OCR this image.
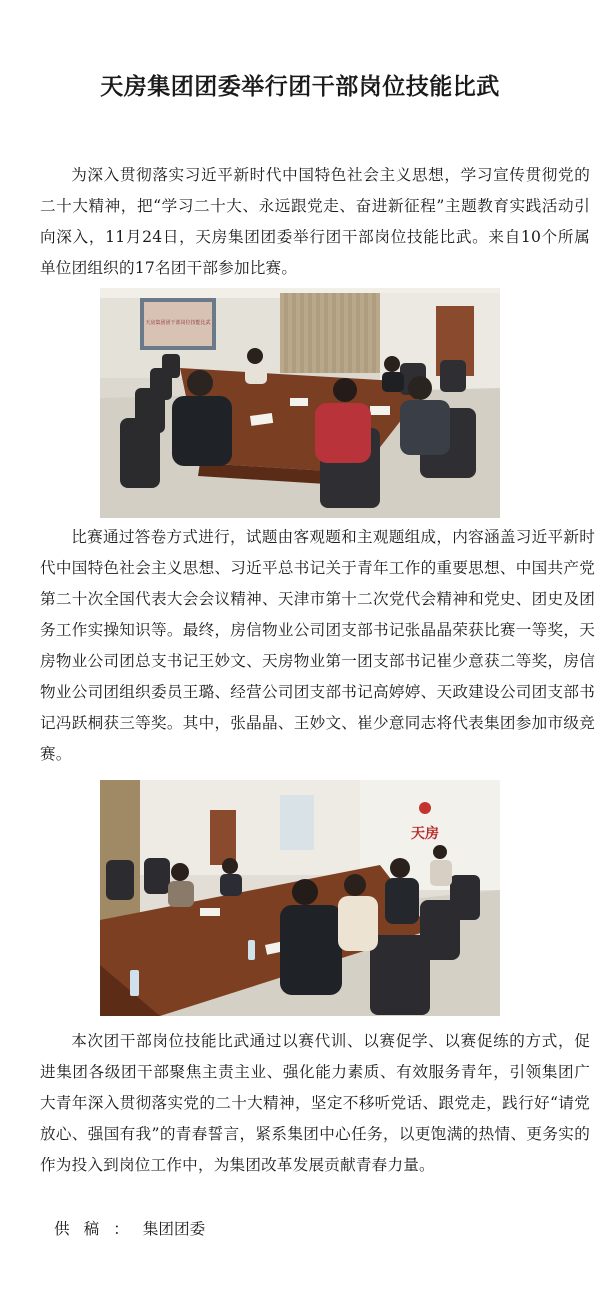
天房集团团委举行团干部岗位技能比武

为深入贯彻落实习近平新时代中国特色社会主义思想，学习宣传贯彻党的二十大精神，把“学习二十大、永远跟党走、奋进新征程”主题教育实践活动引向深入，11月24日，天房集团团委举行团干部岗位技能比武。来自10个所属单位团组织的17名团干部参加比赛。

天房集团团干部岗位技能比武

比赛通过答卷方式进行，试题由客观题和主观题组成，内容涵盖习近平新时代中国特色社会主义思想、习近平总书记关于青年工作的重要思想、中国共产党第二十次全国代表大会会议精神、天津市第十二次党代会精神和党史、团史及团务工作实操知识等。最终，房信物业公司团支部书记张晶晶荣获比赛一等奖，天房物业公司团总支书记王妙文、天房物业第一团支部书记崔少意获二等奖，房信物业公司团组织委员王璐、经营公司团支部书记高婷婷、天政建设公司团支部书记冯跃桐获三等奖。其中，张晶晶、王妙文、崔少意同志将代表集团参加市级竞赛。

天房

本次团干部岗位技能比武通过以赛代训、以赛促学、以赛促练的方式，促进集团各级团干部聚焦主责主业、强化能力素质、有效服务青年，引领集团广大青年深入贯彻落实党的二十大精神，坚定不移听党话、跟党走，践行好“请党放心、强国有我”的青春誓言，紧系集团中心任务，以更饱满的热情、更务实的作为投入到岗位工作中，为集团改革发展贡献青春力量。

供稿：集团团委
